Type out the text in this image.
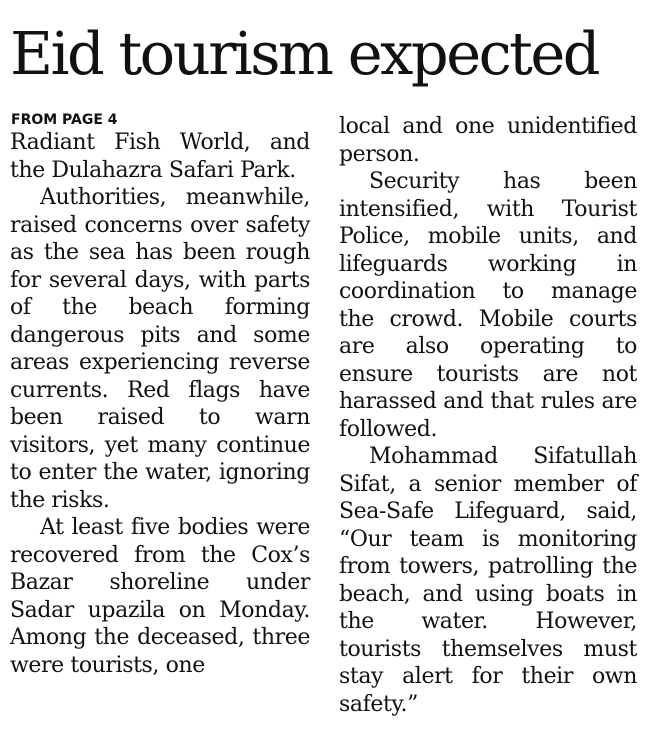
Eid tourism expected
FROM PAGE 4

Radiant Fish World, and the Dulahazra Safari Park.

Authorities, meanwhile, raised concerns over safety as the sea has been rough for several days, with parts of the beach forming dangerous pits and some areas experiencing reverse currents. Red flags have been raised to warn visitors, yet many continue to enter the water, ignoring the risks.

At least five bodies were recovered from the Cox’s Bazar shoreline under Sadar upazila on Monday. Among the deceased, three were tourists, one

local and one unidentified person.

Security has been intensified, with Tourist Police, mobile units, and lifeguards working in coordination to manage the crowd. Mobile courts are also operating to ensure tourists are not harassed and that rules are followed.

Mohammad Sifatullah Sifat, a senior member of Sea-Safe Lifeguard, said, “Our team is monitoring from towers, patrolling the beach, and using boats in the water. However, tourists themselves must stay alert for their own safety.”
